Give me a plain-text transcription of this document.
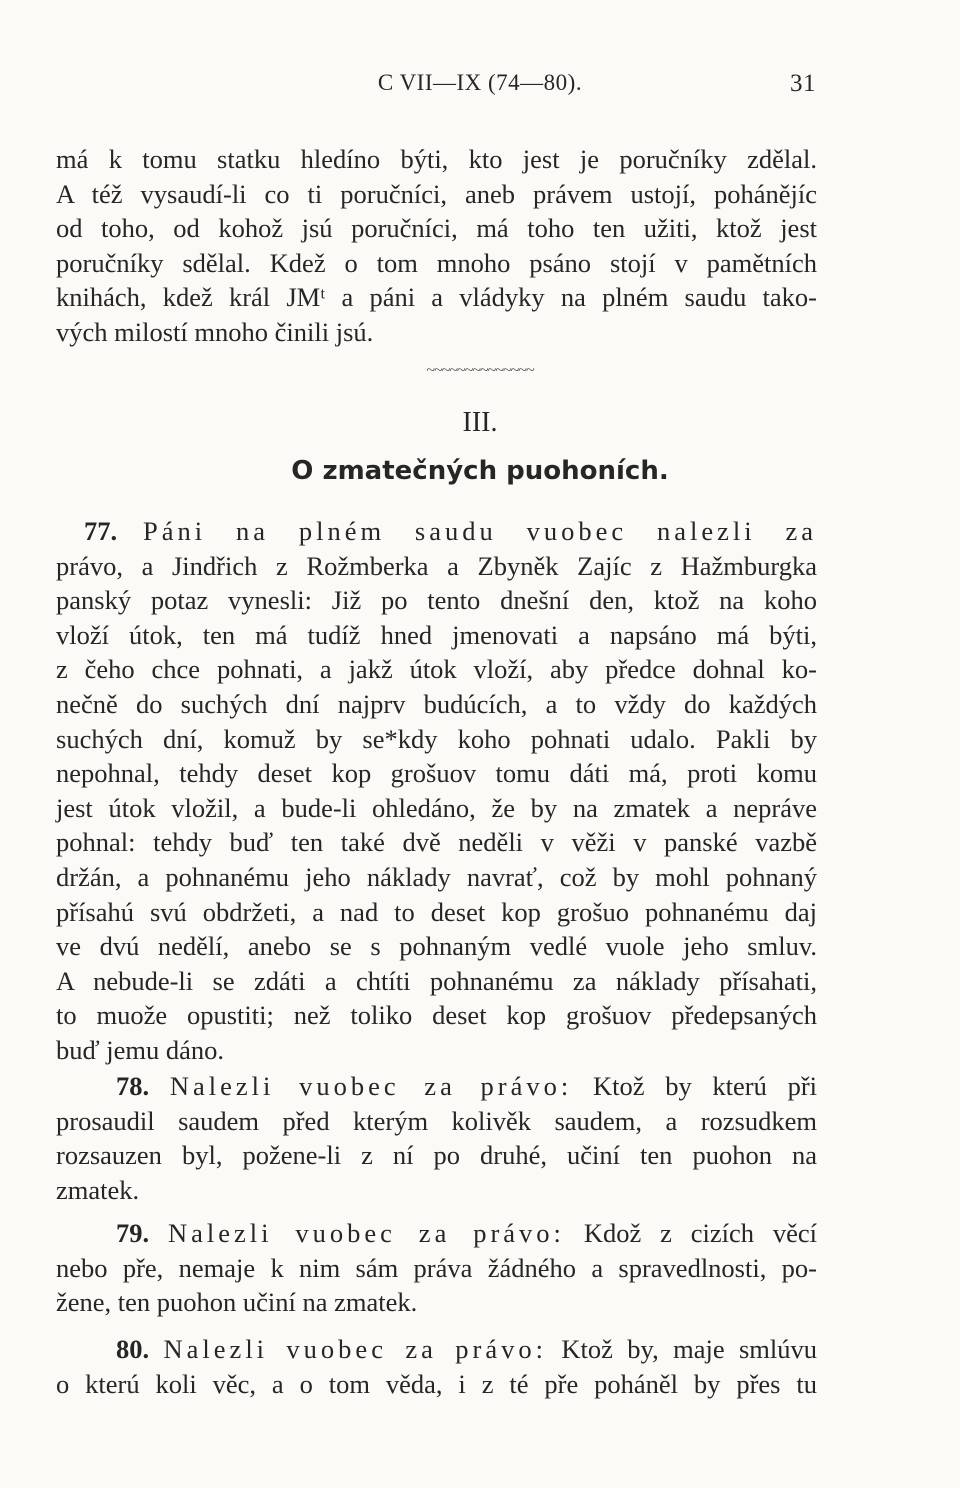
C VII—IX (74—80).	31
má k tomu statku hledíno býti, kto jest je poručníky zdělal.
A též vysaudí-li co ti poručníci, aneb právem ustojí, pohánějíc
od toho, od kohož jsú poručníci, má toho ten užiti, ktož jest
poručníky sdělal. Kdež o tom mnoho psáno stojí v pamětních
knihách, kdež král JMᵗ a páni a vládyky na plném saudu tako-
vých milostí mnoho činili jsú.
~~~~~~~~~~~~~~
III.
O zmatečných puohoních.
77. Páni na plném saudu vuobec nalezli za
právo, a Jindřich z Rožmberka a Zbyněk Zajíc z Hažmburgka
panský potaz vynesli: Již po tento dnešní den, ktož na koho
vloží útok, ten má tudíž hned jmenovati a napsáno má býti,
z čeho chce pohnati, a jakž útok vloží, aby předce dohnal ko-
nečně do suchých dní najprv budúcích, a to vždy do každých
suchých dní, komuž by se*kdy koho pohnati udalo. Pakli by
nepohnal, tehdy deset kop grošuov tomu dáti má, proti komu
jest útok vložil, a bude-li ohledáno, že by na zmatek a nepráve
pohnal: tehdy buď ten také dvě neděli v věži v panské vazbě
držán, a pohnanému jeho náklady navrať, což by mohl pohnaný
přísahú svú obdržeti, a nad to deset kop grošuo pohnanému daj
ve dvú nedělí, anebo se s pohnaným vedlé vuole jeho smluv.
A nebude-li se zdáti a chtíti pohnanému za náklady přísahati,
to muože opustiti; než toliko deset kop grošuov předepsaných
buď jemu dáno.
78. Nalezli vuobec za právo: Ktož by kterú při
prosaudil saudem před kterým kolivěk saudem, a rozsudkem
rozsauzen byl, požene-li z ní po druhé, učiní ten puohon na
zmatek.
79. Nalezli vuobec za právo: Kdož z cizích věcí
nebo pře, nemaje k nim sám práva žádného a spravedlnosti, po-
žene, ten puohon učiní na zmatek.
80. Nalezli vuobec za právo: Ktož by, maje smlúvu
o kterú koli věc, a o tom věda, i z té pře poháněl by přes tu
